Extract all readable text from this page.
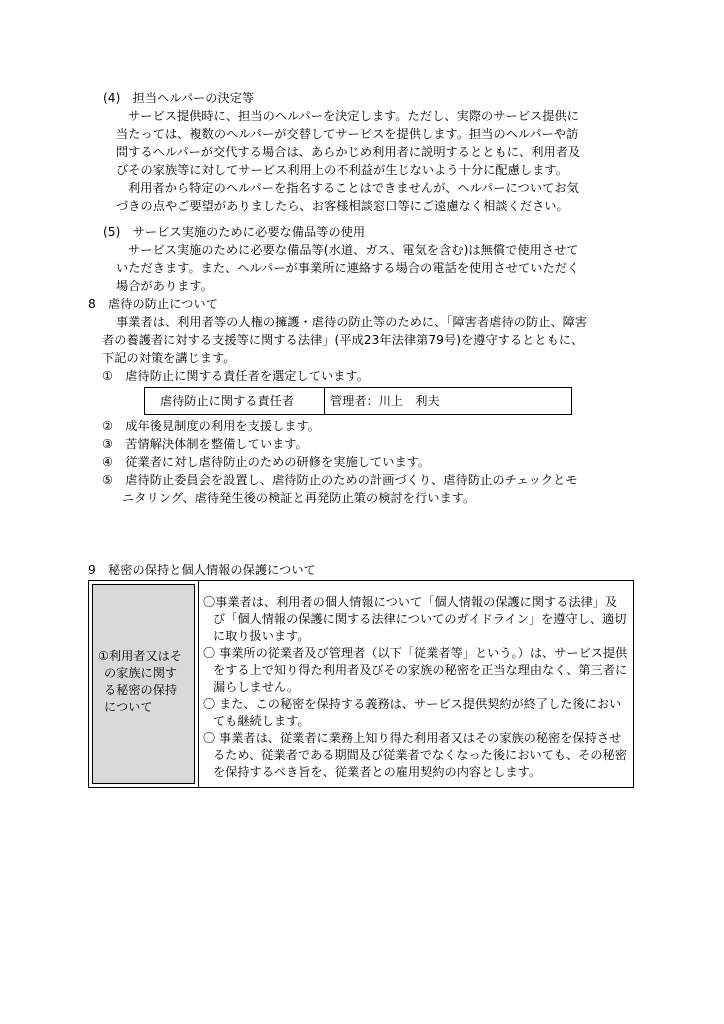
(4)　担当ヘルパーの決定等
サービス提供時に、担当のヘルパーを決定します。ただし、実際のサービス提供に
当たっては、複数のヘルパーが交替してサービスを提供します。担当のヘルパーや訪
問するヘルパーが交代する場合は、あらかじめ利用者に説明するとともに、利用者及
びその家族等に対してサービス利用上の不利益が生じないよう十分に配慮します。
利用者から特定のヘルパーを指名することはできませんが、ヘルパーについてお気
づきの点やご要望がありましたら、お客様相談窓口等にご遠慮なく相談ください。
(5)　サービス実施のために必要な備品等の使用
サービス実施のために必要な備品等(水道、ガス、電気を含む)は無償で使用させて
いただきます。また、ヘルパーが事業所に連絡する場合の電話を使用させていただく
場合があります。
8　虐待の防止について
事業者は、利用者等の人権の擁護・虐待の防止等のために、「障害者虐待の防止、障害
者の養護者に対する支援等に関する法律」(平成23年法律第79号)を遵守するとともに、
下記の対策を講じます。
①　虐待防止に関する責任者を選定しています。
虐待防止に関する責任者	管理者：川上　利夫
②　成年後見制度の利用を支援します。
③　苦情解決体制を整備しています。
④　従業者に対し虐待防止のための研修を実施しています。
⑤　虐待防止委員会を設置し、虐待防止のための計画づくり、虐待防止のチェックとモ
ニタリング、虐待発生後の検証と再発防止策の検討を行います。
9　秘密の保持と個人情報の保護について
①利用者又はそ
の家族に関す
る秘密の保持
について
〇事業者は、利用者の個人情報について「個人情報の保護に関する法律」及
び「個人情報の保護に関する法律についてのガイドライン」を遵守し、適切
に取り扱います。
〇 事業所の従業者及び管理者（以下「従業者等」という。）は、サービス提供
をする上で知り得た利用者及びその家族の秘密を正当な理由なく、第三者に
漏らしません。
〇 また、この秘密を保持する義務は、サービス提供契約が終了した後におい
ても継続します。
〇 事業者は、従業者に業務上知り得た利用者又はその家族の秘密を保持させ
るため、従業者である期間及び従業者でなくなった後においても、その秘密
を保持するべき旨を、従業者との雇用契約の内容とします。
